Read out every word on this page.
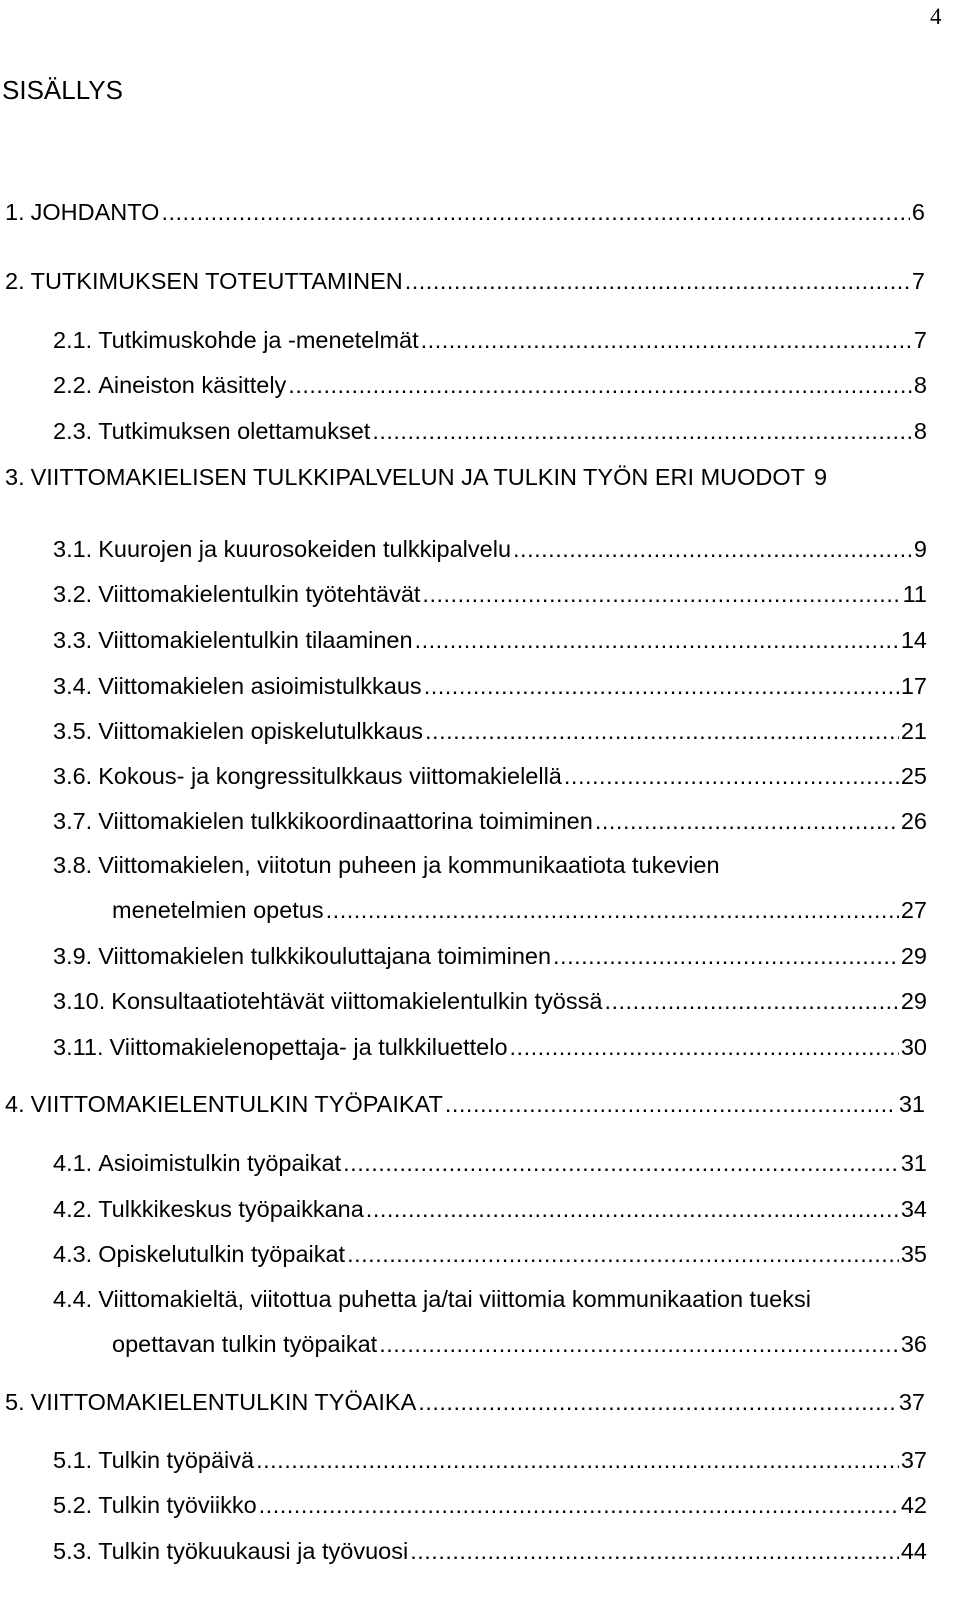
4
SISÄLLYS
1. JOHDANTO .....	6
2. TUTKIMUKSEN TOTEUTTAMINEN .....	7
2.1. Tutkimuskohde ja -menetelmät .....	7
2.2. Aineiston käsittely .....	8
2.3. Tutkimuksen olettamukset .....	8
3. VIITTOMAKIELISEN TULKKIPALVELUN JA TULKIN TYÖN ERI MUODOT 9
3.1. Kuurojen ja kuurosokeiden tulkkipalvelu .....	9
3.2. Viittomakielentulkin työtehtävät .....	11
3.3. Viittomakielentulkin tilaaminen .....	14
3.4. Viittomakielen asioimistulkkaus .....	17
3.5. Viittomakielen opiskelutulkkaus .....	21
3.6. Kokous- ja kongressitulkkaus viittomakielellä .....	25
3.7. Viittomakielen tulkkikoordinaattorina toimiminen .....	26
3.8. Viittomakielen, viitotun puheen ja kommunikaatiota tukevien
menetelmien opetus .....	27
3.9. Viittomakielen tulkkikouluttajana toimiminen .....	29
3.10. Konsultaatiotehtävät viittomakielentulkin työssä .....	29
3.11. Viittomakielenopettaja- ja tulkkiluettelo .....	30
4. VIITTOMAKIELENTULKIN TYÖPAIKAT .....	31
4.1. Asioimistulkin työpaikat .....	31
4.2. Tulkkikeskus työpaikkana .....	34
4.3. Opiskelutulkin työpaikat .....	35
4.4. Viittomakieltä, viitottua puhetta ja/tai viittomia kommunikaation tueksi
opettavan tulkin työpaikat .....	36
5. VIITTOMAKIELENTULKIN TYÖAIKA .....	37
5.1. Tulkin työpäivä .....	37
5.2. Tulkin työviikko .....	42
5.3. Tulkin työkuukausi ja työvuosi .....	44
